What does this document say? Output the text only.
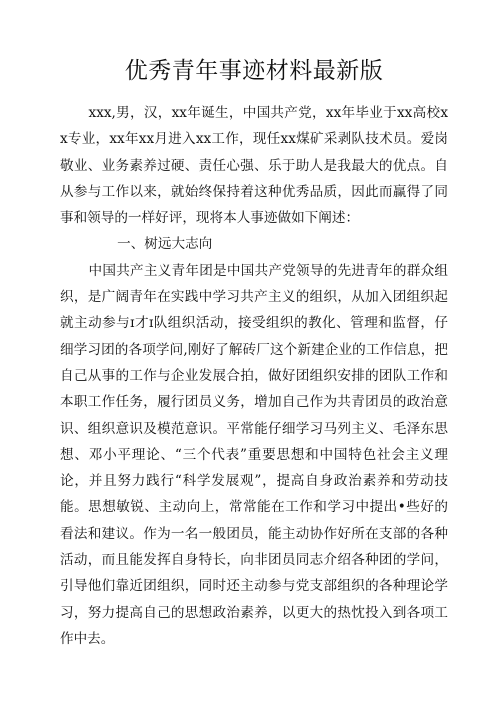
优秀青年事迹材料最新版

xxx,男，汉，xx年诞生，中国共产党，xx年毕业于xx高校xx专业，xx年xx月进入xx工作，现任xx煤矿采剥队技术员。爱岗敬业、业务素养过硬、责任心强、乐于助人是我最大的优点。自从参与工作以来，就始终保持着这种优秀品质，因此而赢得了同事和领导的一样好评，现将本人事迹做如下阐述：

一、树远大志向

中国共产主义青年团是中国共产党领导的先进青年的群众组织，是广阔青年在实践中学习共产主义的组织，从加入团组织起就主动参与ɪ才ɪ队组织活动，接受组织的教化、管理和监督，仔细学习团的各项学问,刚好了解砖厂这个新建企业的工作信息，把自己从事的工作与企业发展合拍，做好团组织安排的团队工作和本职工作任务，履行团员义务，增加自己作为共青团员的政治意识、组织意识及模范意识。平常能仔细学习马列主义、毛泽东思想、邓小平理论、“三个代表”重要思想和中国特色社会主义理论，并且努力践行“科学发展观”，提高自身政治素养和劳动技能。思想敏锐、主动向上，常常能在工作和学习中提出•些好的看法和建议。作为一名一般团员，能主动协作好所在支部的各种活动，而且能发挥自身特长，向非团员同志介绍各种团的学问，引导他们靠近团组织，同时还主动参与党支部组织的各种理论学习，努力提高自己的思想政治素养，以更大的热忱投入到各项工作中去。
